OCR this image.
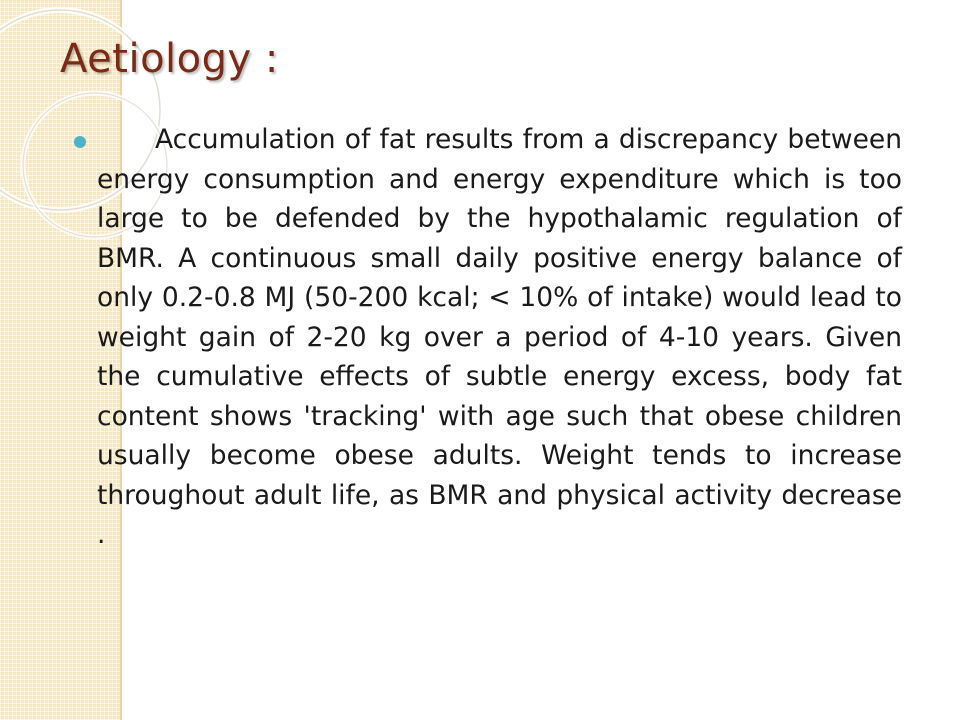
Aetiology :

Accumulation of fat results from a discrepancy between energy consumption and energy expenditure which is too large to be defended by the hypothalamic regulation of BMR. A continuous small daily positive energy balance of only 0.2-0.8 MJ (50-200 kcal; < 10% of intake) would lead to weight gain of 2-20 kg over a period of 4-10 years. Given the cumulative effects of subtle energy excess, body fat content shows 'tracking' with age such that obese children usually become obese adults. Weight tends to increase throughout adult life, as BMR and physical activity decrease .
